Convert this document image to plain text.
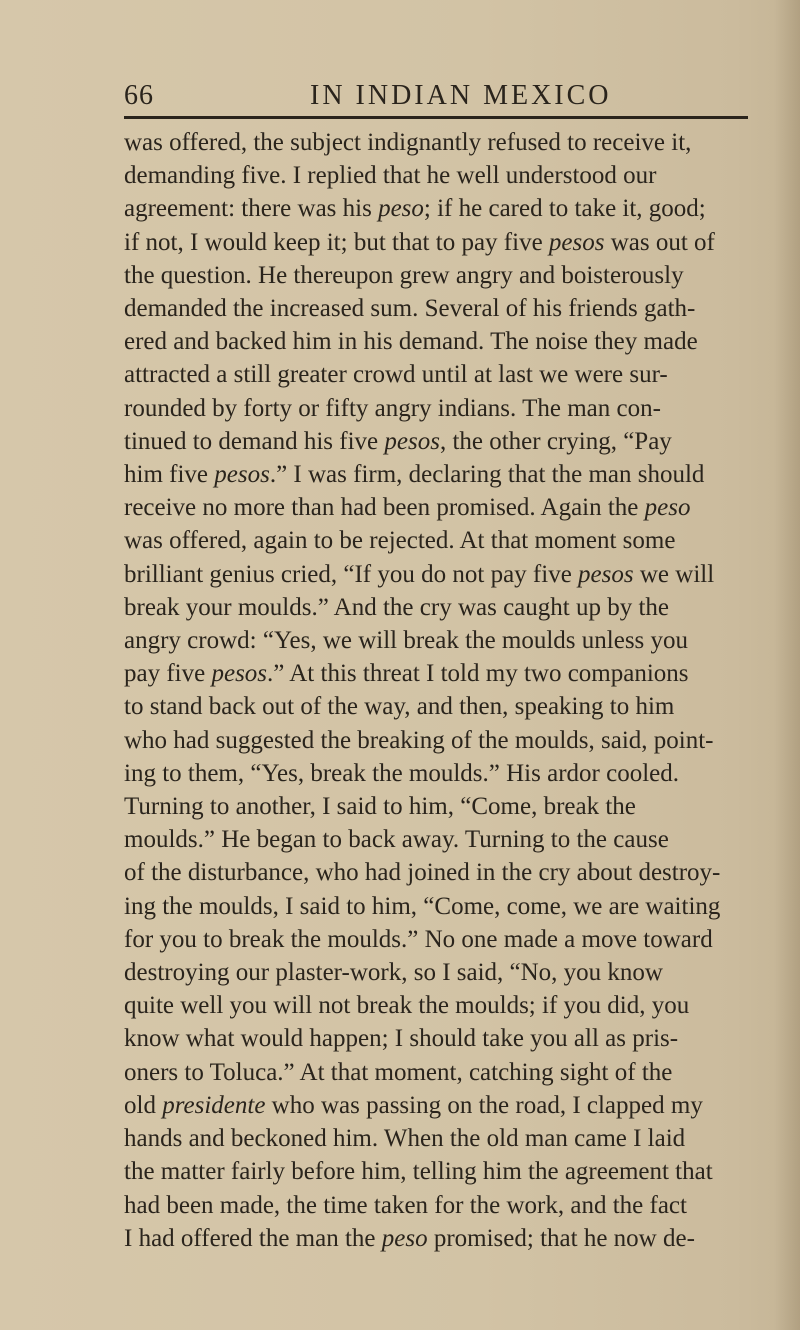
66	IN INDIAN MEXICO
was offered, the subject indignantly refused to receive it,
demanding five. I replied that he well understood our
agreement: there was his peso; if he cared to take it, good;
if not, I would keep it; but that to pay five pesos was out of
the question. He thereupon grew angry and boisterously
demanded the increased sum. Several of his friends gath-
ered and backed him in his demand. The noise they made
attracted a still greater crowd until at last we were sur-
rounded by forty or fifty angry indians. The man con-
tinued to demand his five pesos, the other crying, “Pay
him five pesos.” I was firm, declaring that the man should
receive no more than had been promised. Again the peso
was offered, again to be rejected. At that moment some
brilliant genius cried, “If you do not pay five pesos we will
break your moulds.” And the cry was caught up by the
angry crowd: “Yes, we will break the moulds unless you
pay five pesos.” At this threat I told my two companions
to stand back out of the way, and then, speaking to him
who had suggested the breaking of the moulds, said, point-
ing to them, “Yes, break the moulds.” His ardor cooled.
Turning to another, I said to him, “Come, break the
moulds.” He began to back away. Turning to the cause
of the disturbance, who had joined in the cry about destroy-
ing the moulds, I said to him, “Come, come, we are waiting
for you to break the moulds.” No one made a move toward
destroying our plaster-work, so I said, “No, you know
quite well you will not break the moulds; if you did, you
know what would happen; I should take you all as pris-
oners to Toluca.” At that moment, catching sight of the
old presidente who was passing on the road, I clapped my
hands and beckoned him. When the old man came I laid
the matter fairly before him, telling him the agreement that
had been made, the time taken for the work, and the fact
I had offered the man the peso promised; that he now de-
